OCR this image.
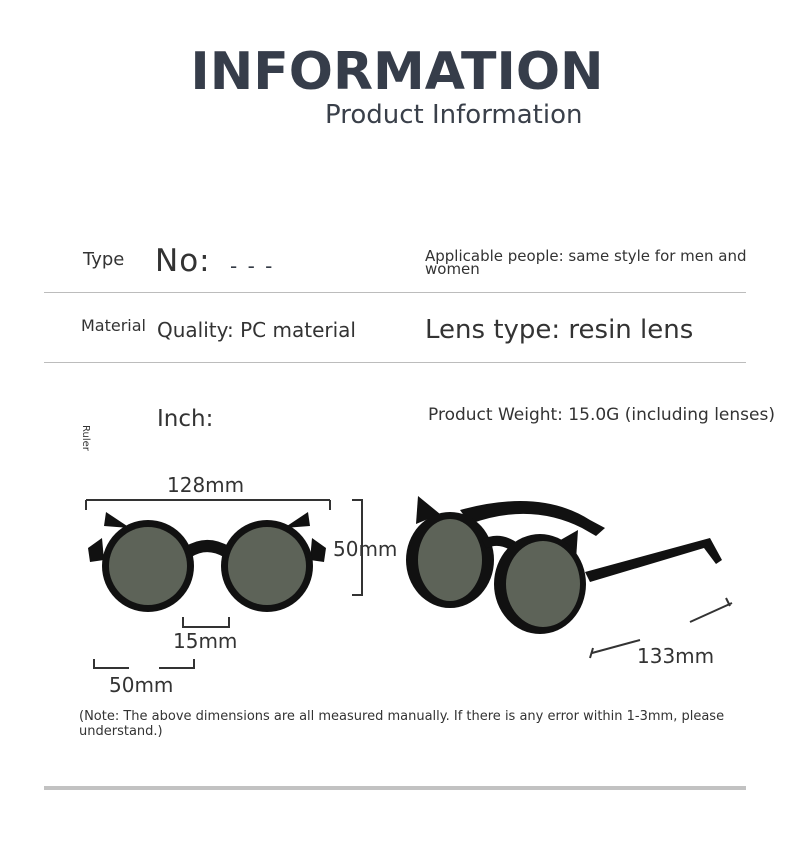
INFORMATION
Product Information
Type No: - - -	Applicable people: same style for men and
women
Material Quality: PC material	Lens type: resin lens
Ruler
Inch:	Product Weight: 15.0G (including lenses)
128mm
50mm
15mm
50mm
133mm
(Note: The above dimensions are all measured manually. If there is any error within 1-3mm, please understand.)
